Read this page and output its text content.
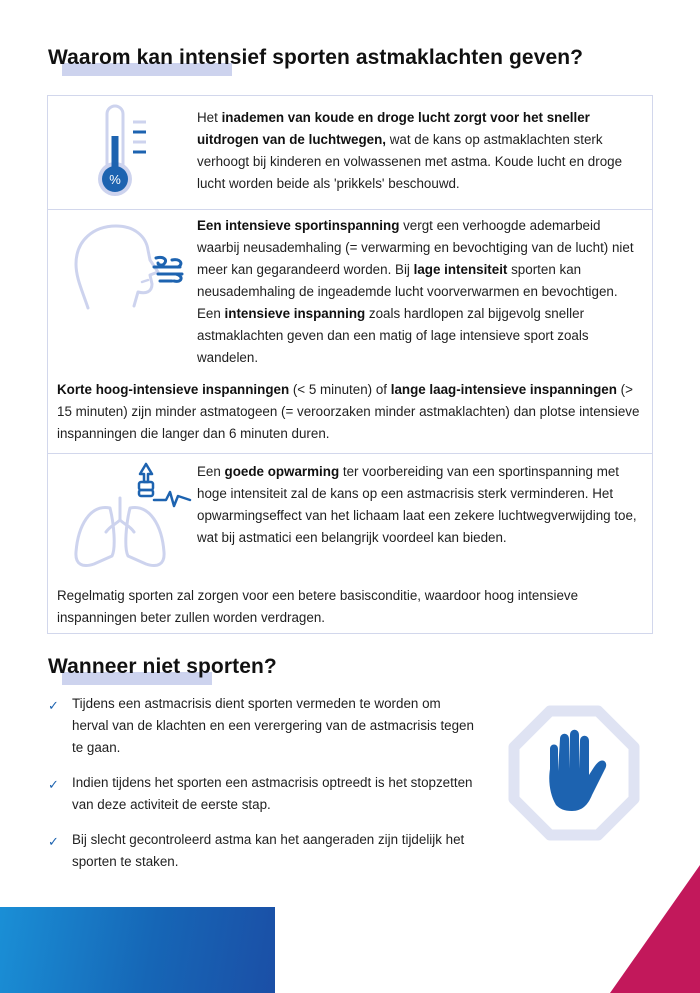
Waarom kan intensief sporten astmaklachten geven?
%
Het inademen van koude en droge lucht zorgt voor het sneller uitdrogen van de luchtwegen, wat de kans op astmaklachten sterk verhoogt bij kinderen en volwassenen met astma. Koude lucht en droge lucht worden beide als 'prikkels' beschouwd.
Een intensieve sportinspanning vergt een verhoogde ademarbeid waarbij neusademhaling (= verwarming en bevochtiging van de lucht) niet meer kan gegarandeerd worden. Bij lage intensiteit sporten kan neusademhaling de ingeademde lucht voorverwarmen en bevochtigen. Een intensieve inspanning zoals hardlopen zal bijgevolg sneller astmaklachten geven dan een matig of lage intensieve sport zoals wandelen.
Korte hoog-intensieve inspanningen (< 5 minuten) of lange laag-intensieve inspanningen (> 15 minuten) zijn minder astmatogeen (= veroorzaken minder astmaklachten) dan plotse intensieve inspanningen die langer dan 6 minuten duren.
Een goede opwarming ter voorbereiding van een sportinspanning met hoge intensiteit zal de kans op een astmacrisis sterk verminderen. Het opwarmingseffect van het lichaam laat een zekere luchtwegverwijding toe, wat bij astmatici een belangrijk voordeel kan bieden.
Regelmatig sporten zal zorgen voor een betere basisconditie, waardoor hoog intensieve inspanningen beter zullen worden verdragen.
Wanneer niet sporten?
✓ Tijdens een astmacrisis dient sporten vermeden te worden om herval van de klachten en een verergering van de astmacrisis tegen te gaan.
✓ Indien tijdens het sporten een astmacrisis optreedt is het stopzetten van deze activiteit de eerste stap.
✓ Bij slecht gecontroleerd astma kan het aangeraden zijn tijdelijk het sporten te staken.
